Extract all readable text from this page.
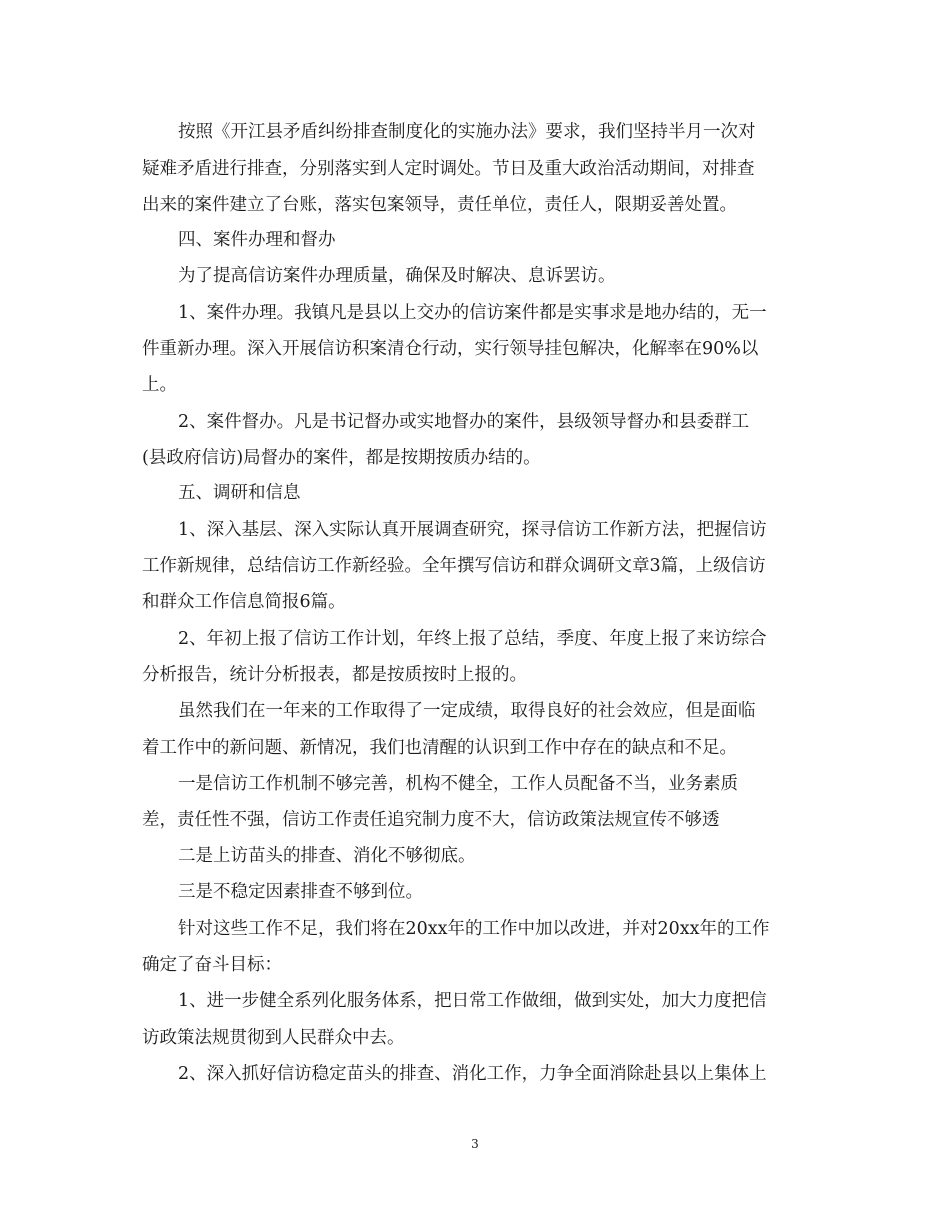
按照《开江县矛盾纠纷排查制度化的实施办法》要求，我们坚持半月一次对
疑难矛盾进行排查，分别落实到人定时调处。节日及重大政治活动期间，对排查
出来的案件建立了台账，落实包案领导，责任单位，责任人，限期妥善处置。
四、案件办理和督办
为了提高信访案件办理质量，确保及时解决、息诉罢访。
1、案件办理。我镇凡是县以上交办的信访案件都是实事求是地办结的，无一
件重新办理。深入开展信访积案清仓行动，实行领导挂包解决，化解率在90%以
上。
2、案件督办。凡是书记督办或实地督办的案件，县级领导督办和县委群工
(县政府信访)局督办的案件，都是按期按质办结的。
五、调研和信息
1、深入基层、深入实际认真开展调查研究，探寻信访工作新方法，把握信访
工作新规律，总结信访工作新经验。全年撰写信访和群众调研文章3篇，上级信访
和群众工作信息简报6篇。
2、年初上报了信访工作计划，年终上报了总结，季度、年度上报了来访综合
分析报告，统计分析报表，都是按质按时上报的。
虽然我们在一年来的工作取得了一定成绩，取得良好的社会效应，但是面临
着工作中的新问题、新情况，我们也清醒的认识到工作中存在的缺点和不足。
一是信访工作机制不够完善，机构不健全，工作人员配备不当，业务素质
差，责任性不强，信访工作责任追究制力度不大，信访政策法规宣传不够透
二是上访苗头的排查、消化不够彻底。
三是不稳定因素排查不够到位。
针对这些工作不足，我们将在20xx年的工作中加以改进，并对20xx年的工作
确定了奋斗目标：
1、进一步健全系列化服务体系，把日常工作做细，做到实处，加大力度把信
访政策法规贯彻到人民群众中去。
2、深入抓好信访稳定苗头的排查、消化工作，力争全面消除赴县以上集体上
3
